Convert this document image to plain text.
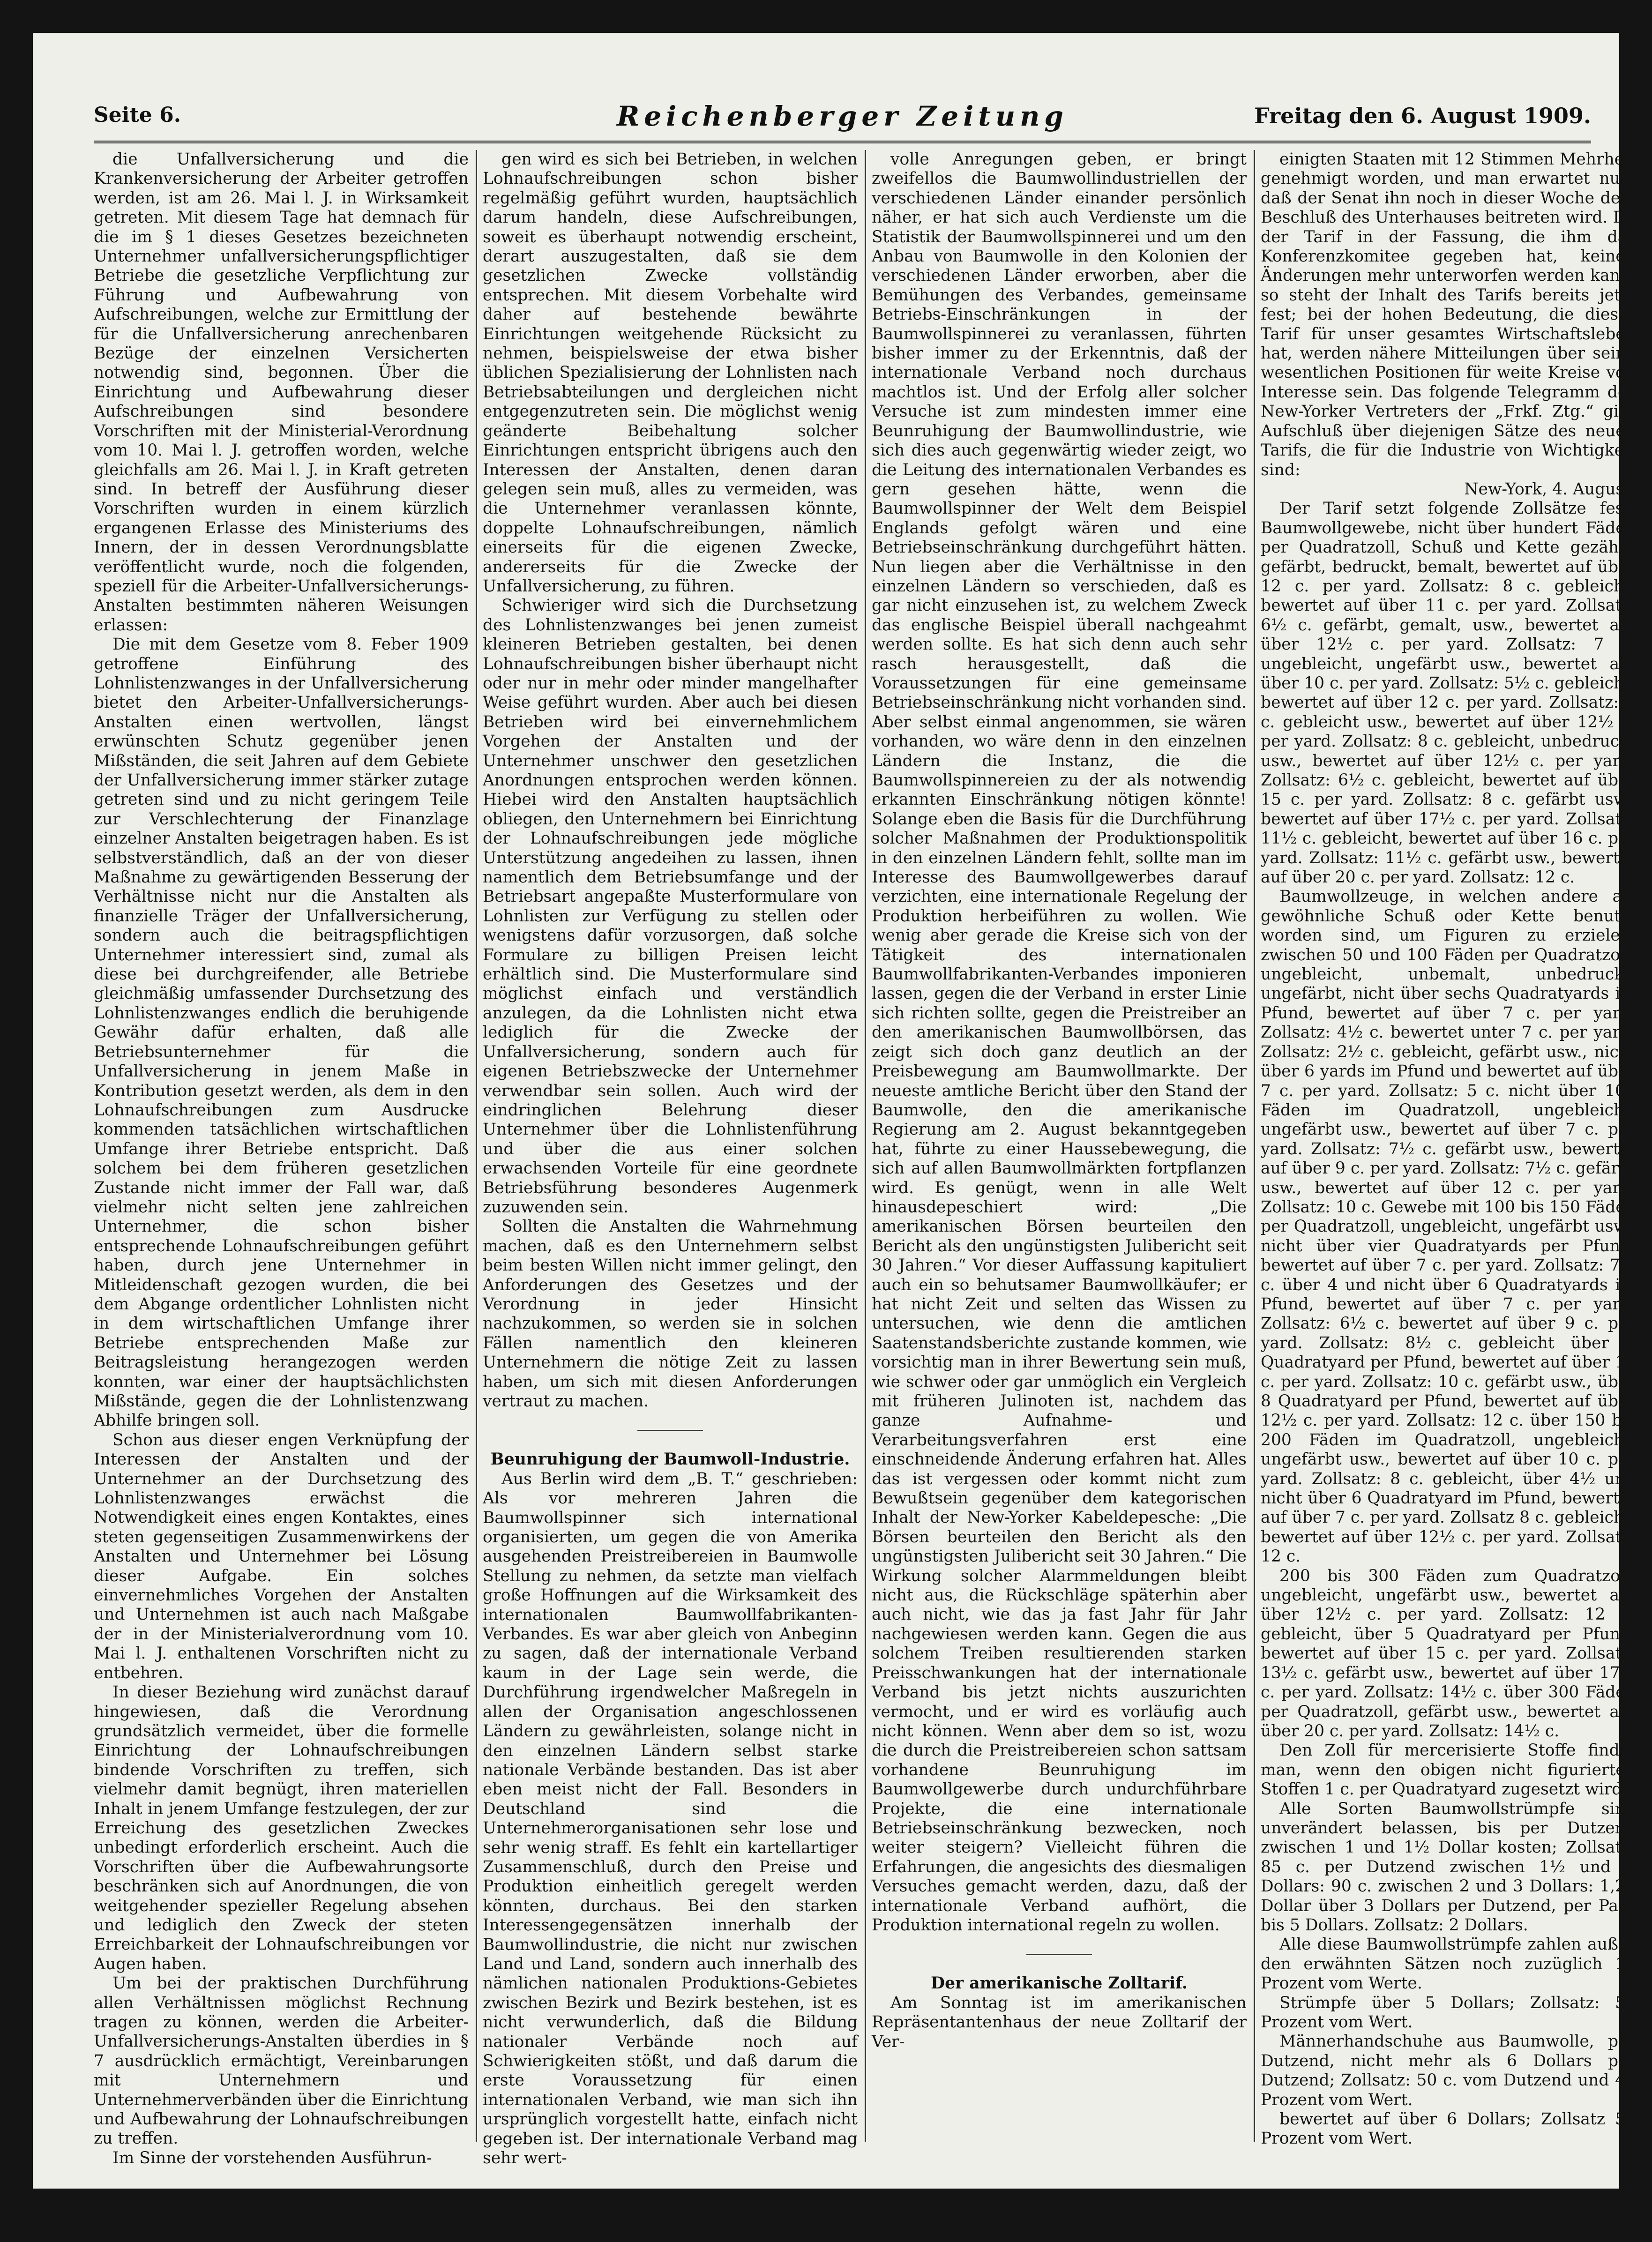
Seite 6.	Reichenberger Zeitung	Freitag den 6. August 1909.

die Unfallversicherung und die Krankenversicherung der Arbeiter getroffen werden, ist am 26. Mai l. J. in Wirksamkeit getreten. Mit diesem Tage hat demnach für die im § 1 dieses Gesetzes bezeichneten Unternehmer unfallversicherungspflichtiger Betriebe die gesetzliche Verpflichtung zur Führung und Aufbewahrung von Aufschreibungen, welche zur Ermittlung der für die Unfallversicherung anrechenbaren Bezüge der einzelnen Versicherten notwendig sind, begonnen. Über die Einrichtung und Aufbewahrung dieser Aufschreibungen sind besondere Vorschriften mit der Ministerial-Verordnung vom 10. Mai l. J. getroffen worden, welche gleichfalls am 26. Mai l. J. in Kraft getreten sind. In betreff der Ausführung dieser Vorschriften wurden in einem kürzlich ergangenen Erlasse des Ministeriums des Innern, der in dessen Verordnungsblatte veröffentlicht wurde, noch die folgenden, speziell für die Arbeiter-Unfallversicherungs-Anstalten bestimmten näheren Weisungen erlassen:

Die mit dem Gesetze vom 8. Feber 1909 getroffene Einführung des Lohnlistenzwanges in der Unfallversicherung bietet den Arbeiter-Unfallversicherungs-Anstalten einen wertvollen, längst erwünschten Schutz gegenüber jenen Mißständen, die seit Jahren auf dem Gebiete der Unfallversicherung immer stärker zutage getreten sind und zu nicht geringem Teile zur Verschlechterung der Finanzlage einzelner Anstalten beigetragen haben. Es ist selbstverständlich, daß an der von dieser Maßnahme zu gewärtigenden Besserung der Verhältnisse nicht nur die Anstalten als finanzielle Träger der Unfallversicherung, sondern auch die beitragspflichtigen Unternehmer interessiert sind, zumal als diese bei durchgreifender, alle Betriebe gleichmäßig umfassender Durchsetzung des Lohnlistenzwanges endlich die beruhigende Gewähr dafür erhalten, daß alle Betriebsunternehmer für die Unfallversicherung in jenem Maße in Kontribution gesetzt werden, als dem in den Lohnaufschreibungen zum Ausdrucke kommenden tatsächlichen wirtschaftlichen Umfange ihrer Betriebe entspricht. Daß solchem bei dem früheren gesetzlichen Zustande nicht immer der Fall war, daß vielmehr nicht selten jene zahlreichen Unternehmer, die schon bisher entsprechende Lohnaufschreibungen geführt haben, durch jene Unternehmer in Mitleidenschaft gezogen wurden, die bei dem Abgange ordentlicher Lohnlisten nicht in dem wirtschaftlichen Umfange ihrer Betriebe entsprechenden Maße zur Beitragsleistung herangezogen werden konnten, war einer der hauptsächlichsten Mißstände, gegen die der Lohnlistenzwang Abhilfe bringen soll.

Schon aus dieser engen Verknüpfung der Interessen der Anstalten und der Unternehmer an der Durchsetzung des Lohnlistenzwanges erwächst die Notwendigkeit eines engen Kontaktes, eines steten gegenseitigen Zusammenwirkens der Anstalten und Unternehmer bei Lösung dieser Aufgabe. Ein solches einvernehmliches Vorgehen der Anstalten und Unternehmen ist auch nach Maßgabe der in der Ministerialverordnung vom 10. Mai l. J. enthaltenen Vorschriften nicht zu entbehren.

In dieser Beziehung wird zunächst darauf hingewiesen, daß die Verordnung grundsätzlich vermeidet, über die formelle Einrichtung der Lohnaufschreibungen bindende Vorschriften zu treffen, sich vielmehr damit begnügt, ihren materiellen Inhalt in jenem Umfange festzulegen, der zur Erreichung des gesetzlichen Zweckes unbedingt erforderlich erscheint. Auch die Vorschriften über die Aufbewahrungsorte beschränken sich auf Anordnungen, die von weitgehender spezieller Regelung absehen und lediglich den Zweck der steten Erreichbarkeit der Lohnaufschreibungen vor Augen haben.

Um bei der praktischen Durchführung allen Verhältnissen möglichst Rechnung tragen zu können, werden die Arbeiter-Unfallversicherungs-Anstalten überdies in § 7 ausdrücklich ermächtigt, Vereinbarungen mit Unternehmern und Unternehmerverbänden über die Einrichtung und Aufbewahrung der Lohnaufschreibungen zu treffen.

Im Sinne der vorstehenden Ausführun-

gen wird es sich bei Betrieben, in welchen Lohnaufschreibungen schon bisher regelmäßig geführt wurden, hauptsächlich darum handeln, diese Aufschreibungen, soweit es überhaupt notwendig erscheint, derart auszugestalten, daß sie dem gesetzlichen Zwecke vollständig entsprechen. Mit diesem Vorbehalte wird daher auf bestehende bewährte Einrichtungen weitgehende Rücksicht zu nehmen, beispielsweise der etwa bisher üblichen Spezialisierung der Lohnlisten nach Betriebsabteilungen und dergleichen nicht entgegenzutreten sein. Die möglichst wenig geänderte Beibehaltung solcher Einrichtungen entspricht übrigens auch den Interessen der Anstalten, denen daran gelegen sein muß, alles zu vermeiden, was die Unternehmer veranlassen könnte, doppelte Lohnaufschreibungen, nämlich einerseits für die eigenen Zwecke, andererseits für die Zwecke der Unfallversicherung, zu führen.

Schwieriger wird sich die Durchsetzung des Lohnlistenzwanges bei jenen zumeist kleineren Betrieben gestalten, bei denen Lohnaufschreibungen bisher überhaupt nicht oder nur in mehr oder minder mangelhafter Weise geführt wurden. Aber auch bei diesen Betrieben wird bei einvernehmlichem Vorgehen der Anstalten und der Unternehmer unschwer den gesetzlichen Anordnungen entsprochen werden können. Hiebei wird den Anstalten hauptsächlich obliegen, den Unternehmern bei Einrichtung der Lohnaufschreibungen jede mögliche Unterstützung angedeihen zu lassen, ihnen namentlich dem Betriebsumfange und der Betriebsart angepaßte Musterformulare von Lohnlisten zur Verfügung zu stellen oder wenigstens dafür vorzusorgen, daß solche Formulare zu billigen Preisen leicht erhältlich sind. Die Musterformulare sind möglichst einfach und verständlich anzulegen, da die Lohnlisten nicht etwa lediglich für die Zwecke der Unfallversicherung, sondern auch für eigenen Betriebszwecke der Unternehmer verwendbar sein sollen. Auch wird der eindringlichen Belehrung dieser Unternehmer über die Lohnlistenführung und über die aus einer solchen erwachsenden Vorteile für eine geordnete Betriebsführung besonderes Augenmerk zuzuwenden sein.

Sollten die Anstalten die Wahrnehmung machen, daß es den Unternehmern selbst beim besten Willen nicht immer gelingt, den Anforderungen des Gesetzes und der Verordnung in jeder Hinsicht nachzukommen, so werden sie in solchen Fällen namentlich den kleineren Unternehmern die nötige Zeit zu lassen haben, um sich mit diesen Anforderungen vertraut zu machen.

Beunruhigung der Baumwoll-Industrie.

Aus Berlin wird dem „B. T.“ geschrieben: Als vor mehreren Jahren die Baumwollspinner sich international organisierten, um gegen die von Amerika ausgehenden Preistreibereien in Baumwolle Stellung zu nehmen, da setzte man vielfach große Hoffnungen auf die Wirksamkeit des internationalen Baumwollfabrikanten-Verbandes. Es war aber gleich von Anbeginn zu sagen, daß der internationale Verband kaum in der Lage sein werde, die Durchführung irgendwelcher Maßregeln in allen der Organisation angeschlossenen Ländern zu gewährleisten, solange nicht in den einzelnen Ländern selbst starke nationale Verbände bestanden. Das ist aber eben meist nicht der Fall. Besonders in Deutschland sind die Unternehmerorganisationen sehr lose und sehr wenig straff. Es fehlt ein kartellartiger Zusammenschluß, durch den Preise und Produktion einheitlich geregelt werden könnten, durchaus. Bei den starken Interessengegensätzen innerhalb der Baumwollindustrie, die nicht nur zwischen Land und Land, sondern auch innerhalb des nämlichen nationalen Produktions-Gebietes zwischen Bezirk und Bezirk bestehen, ist es nicht verwunderlich, daß die Bildung nationaler Verbände noch auf Schwierigkeiten stößt, und daß darum die erste Voraussetzung für einen internationalen Verband, wie man sich ihn ursprünglich vorgestellt hatte, einfach nicht gegeben ist. Der internationale Verband mag sehr wert-

volle Anregungen geben, er bringt zweifellos die Baumwollindustriellen der verschiedenen Länder einander persönlich näher, er hat sich auch Verdienste um die Statistik der Baumwollspinnerei und um den Anbau von Baumwolle in den Kolonien der verschiedenen Länder erworben, aber die Bemühungen des Verbandes, gemeinsame Betriebs-Einschränkungen in der Baumwollspinnerei zu veranlassen, führten bisher immer zu der Erkenntnis, daß der internationale Verband noch durchaus machtlos ist. Und der Erfolg aller solcher Versuche ist zum mindesten immer eine Beunruhigung der Baumwollindustrie, wie sich dies auch gegenwärtig wieder zeigt, wo die Leitung des internationalen Verbandes es gern gesehen hätte, wenn die Baumwollspinner der Welt dem Beispiel Englands gefolgt wären und eine Betriebseinschränkung durchgeführt hätten. Nun liegen aber die Verhältnisse in den einzelnen Ländern so verschieden, daß es gar nicht einzusehen ist, zu welchem Zweck das englische Beispiel überall nachgeahmt werden sollte. Es hat sich denn auch sehr rasch herausgestellt, daß die Voraussetzungen für eine gemeinsame Betriebseinschränkung nicht vorhanden sind. Aber selbst einmal angenommen, sie wären vorhanden, wo wäre denn in den einzelnen Ländern die Instanz, die die Baumwollspinnereien zu der als notwendig erkannten Einschränkung nötigen könnte! Solange eben die Basis für die Durchführung solcher Maßnahmen der Produktionspolitik in den einzelnen Ländern fehlt, sollte man im Interesse des Baumwollgewerbes darauf verzichten, eine internationale Regelung der Produktion herbeiführen zu wollen. Wie wenig aber gerade die Kreise sich von der Tätigkeit des internationalen Baumwollfabrikanten-Verbandes imponieren lassen, gegen die der Verband in erster Linie sich richten sollte, gegen die Preistreiber an den amerikanischen Baumwollbörsen, das zeigt sich doch ganz deutlich an der Preisbewegung am Baumwollmarkte. Der neueste amtliche Bericht über den Stand der Baumwolle, den die amerikanische Regierung am 2. August bekanntgegeben hat, führte zu einer Haussebewegung, die sich auf allen Baumwollmärkten fortpflanzen wird. Es genügt, wenn in alle Welt hinausdepeschiert wird: „Die amerikanischen Börsen beurteilen den Bericht als den ungünstigsten Julibericht seit 30 Jahren.“ Vor dieser Auffassung kapituliert auch ein so behutsamer Baumwollkäufer; er hat nicht Zeit und selten das Wissen zu untersuchen, wie denn die amtlichen Saatenstandsberichte zustande kommen, wie vorsichtig man in ihrer Bewertung sein muß, wie schwer oder gar unmöglich ein Vergleich mit früheren Julinoten ist, nachdem das ganze Aufnahme- und Verarbeitungsverfahren erst eine einschneidende Änderung erfahren hat. Alles das ist vergessen oder kommt nicht zum Bewußtsein gegenüber dem kategorischen Inhalt der New-Yorker Kabeldepesche: „Die Börsen beurteilen den Bericht als den ungünstigsten Julibericht seit 30 Jahren.“ Die Wirkung solcher Alarmmeldungen bleibt nicht aus, die Rückschläge späterhin aber auch nicht, wie das ja fast Jahr für Jahr nachgewiesen werden kann. Gegen die aus solchem Treiben resultierenden starken Preisschwankungen hat der internationale Verband bis jetzt nichts auszurichten vermocht, und er wird es vorläufig auch nicht können. Wenn aber dem so ist, wozu die durch die Preistreibereien schon sattsam vorhandene Beunruhigung im Baumwollgewerbe durch undurchführbare Projekte, die eine internationale Betriebseinschränkung bezwecken, noch weiter steigern? Vielleicht führen die Erfahrungen, die angesichts des diesmaligen Versuches gemacht werden, dazu, daß der internationale Verband aufhört, die Produktion international regeln zu wollen.

Der amerikanische Zolltarif.

Am Sonntag ist im amerikanischen Repräsentantenhaus der neue Zolltarif der Ver-

einigten Staaten mit 12 Stimmen Mehrheit genehmigt worden, und man erwartet nun, daß der Senat ihn noch in dieser Woche dem Beschluß des Unterhauses beitreten wird. Da der Tarif in der Fassung, die ihm das Konferenzkomitee gegeben hat, keinen Änderungen mehr unterworfen werden kann, so steht der Inhalt des Tarifs bereits jetzt fest; bei der hohen Bedeutung, die dieser Tarif für unser gesamtes Wirtschaftsleben hat, werden nähere Mitteilungen über seine wesentlichen Positionen für weite Kreise von Interesse sein. Das folgende Telegramm des New-Yorker Vertreters der „Frkf. Ztg.“ gibt Aufschluß über diejenigen Sätze des neuen Tarifs, die für die Industrie von Wichtigkeit sind:

New-York, 4. August.

Der Tarif setzt folgende Zollsätze fest: Baumwollgewebe, nicht über hundert Fäden per Quadratzoll, Schuß und Kette gezählt, gefärbt, bedruckt, bemalt, bewertet auf über 12 c. per yard. Zollsatz: 8 c. gebleicht, bewertet auf über 11 c. per yard. Zollsatz: 6½ c. gefärbt, gemalt, usw., bewertet auf über 12½ c. per yard. Zollsatz: 7 c. ungebleicht, ungefärbt usw., bewertet auf über 10 c. per yard. Zollsatz: 5½ c. gebleicht, bewertet auf über 12 c. per yard. Zollsatz: 8 c. gebleicht usw., bewertet auf über 12½ c. per yard. Zollsatz: 8 c. gebleicht, unbedruckt usw., bewertet auf über 12½ c. per yard. Zollsatz: 6½ c. gebleicht, bewertet auf über 15 c. per yard. Zollsatz: 8 c. gefärbt usw., bewertet auf über 17½ c. per yard. Zollsatz: 11½ c. gebleicht, bewertet auf über 16 c. per yard. Zollsatz: 11½ c. gefärbt usw., bewertet auf über 20 c. per yard. Zollsatz: 12 c.

Baumwollzeuge, in welchen andere als gewöhnliche Schuß oder Kette benutzt worden sind, um Figuren zu erzielen, zwischen 50 und 100 Fäden per Quadratzoll, ungebleicht, unbemalt, unbedruckt, ungefärbt, nicht über sechs Quadratyards im Pfund, bewertet auf über 7 c. per yard. Zollsatz: 4½ c. bewertet unter 7 c. per yard. Zollsatz: 2½ c. gebleicht, gefärbt usw., nicht über 6 yards im Pfund und bewertet auf über 7 c. per yard. Zollsatz: 5 c. nicht über 100 Fäden im Quadratzoll, ungebleicht, ungefärbt usw., bewertet auf über 7 c. per yard. Zollsatz: 7½ c. gefärbt usw., bewertet auf über 9 c. per yard. Zollsatz: 7½ c. gefärbt usw., bewertet auf über 12 c. per yard. Zollsatz: 10 c. Gewebe mit 100 bis 150 Fäden per Quadratzoll, ungebleicht, ungefärbt usw., nicht über vier Quadratyards per Pfund, bewertet auf über 7 c. per yard. Zollsatz: 7½ c. über 4 und nicht über 6 Quadratyards im Pfund, bewertet auf über 7 c. per yard. Zollsatz: 6½ c. bewertet auf über 9 c. per yard. Zollsatz: 8½ c. gebleicht über 8 Quadratyard per Pfund, bewertet auf über 11 c. per yard. Zollsatz: 10 c. gefärbt usw., über 8 Quadratyard per Pfund, bewertet auf über 12½ c. per yard. Zollsatz: 12 c. über 150 bis 200 Fäden im Quadratzoll, ungebleicht, ungefärbt usw., bewertet auf über 10 c. per yard. Zollsatz: 8 c. gebleicht, über 4½ und nicht über 6 Quadratyard im Pfund, bewertet auf über 7 c. per yard. Zollsatz 8 c. gebleicht, bewertet auf über 12½ c. per yard. Zollsatz: 12 c.

200 bis 300 Fäden zum Quadratzoll, ungebleicht, ungefärbt usw., bewertet auf über 12½ c. per yard. Zollsatz: 12 c. gebleicht, über 5 Quadratyard per Pfund, bewertet auf über 15 c. per yard. Zollsatz: 13½ c. gefärbt usw., bewertet auf über 17½ c. per yard. Zollsatz: 14½ c. über 300 Fäden per Quadratzoll, gefärbt usw., bewertet auf über 20 c. per yard. Zollsatz: 14½ c.

Den Zoll für mercerisierte Stoffe findet man, wenn den obigen nicht figurierten Stoffen 1 c. per Quadratyard zugesetzt wird.

Alle Sorten Baumwollstrümpfe sind unverändert belassen, bis per Dutzend zwischen 1 und 1½ Dollar kosten; Zollsatz: 85 c. per Dutzend zwischen 1½ und 2 Dollars: 90 c. zwischen 2 und 3 Dollars: 1,20 Dollar über 3 Dollars per Dutzend, per Paar bis 5 Dollars. Zollsatz: 2 Dollars.

Alle diese Baumwollstrümpfe zahlen außer den erwähnten Sätzen noch zuzüglich 15 Prozent vom Werte.

Strümpfe über 5 Dollars; Zollsatz: 55 Prozent vom Wert.

Männerhandschuhe aus Baumwolle, per Dutzend, nicht mehr als 6 Dollars per Dutzend; Zollsatz: 50 c. vom Dutzend und 45 Prozent vom Wert.

bewertet auf über 6 Dollars; Zollsatz 50 Prozent vom Wert.
